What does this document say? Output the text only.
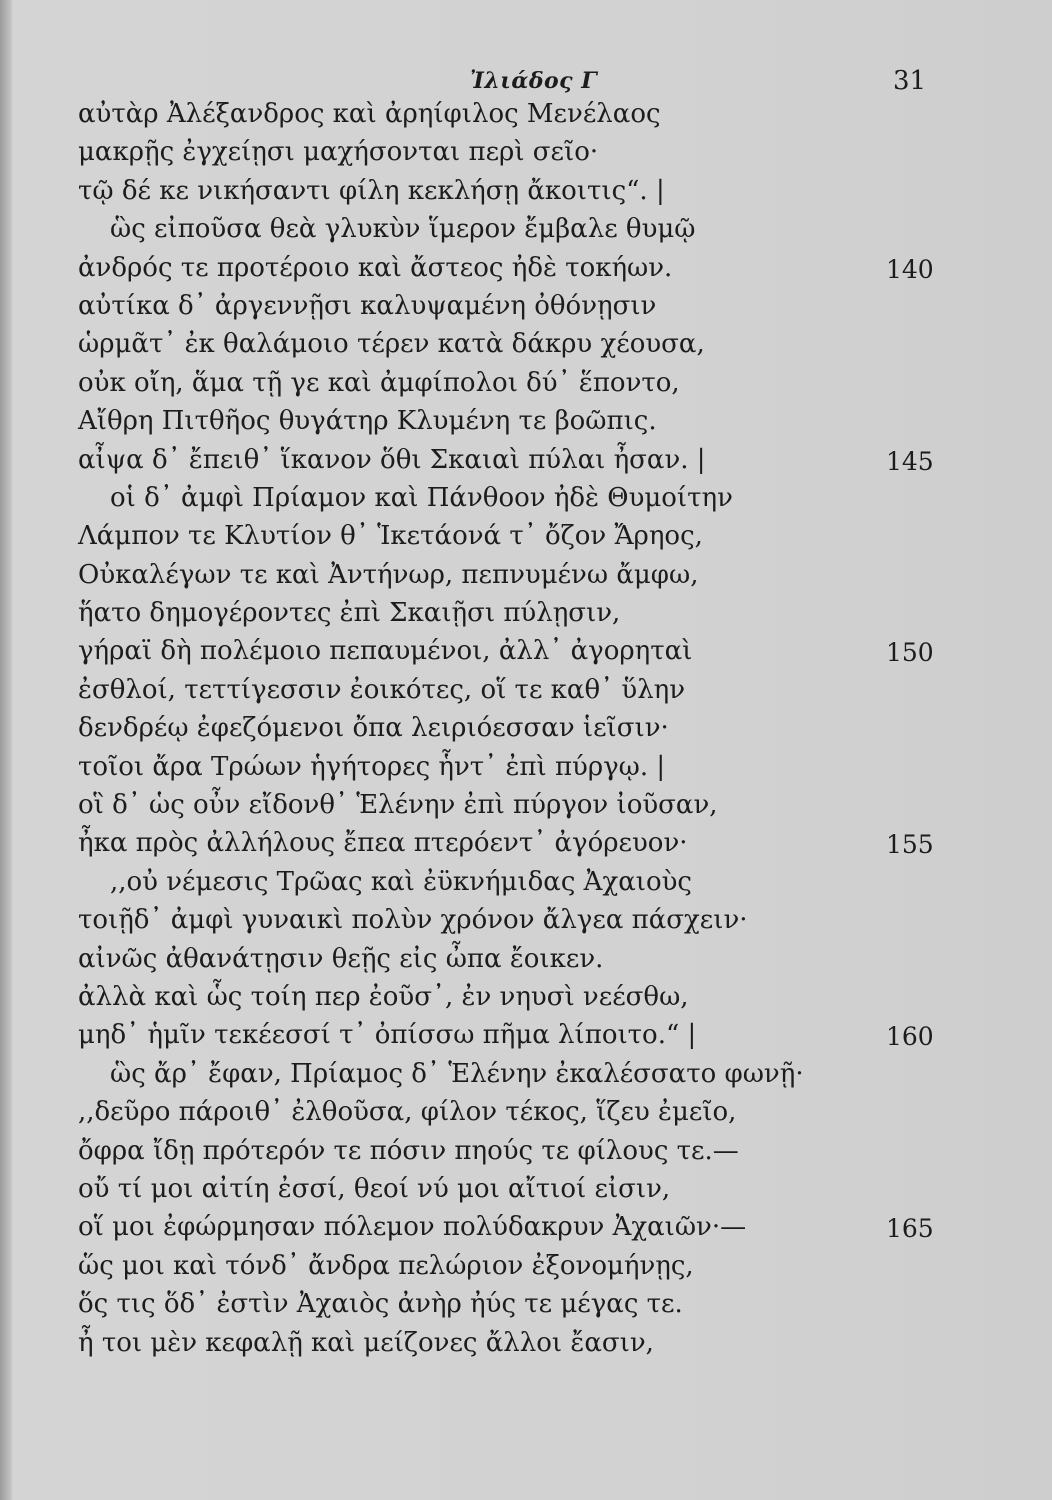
Ἰλιάδος Γ	31
αὐτὰρ Ἀλέξανδρος καὶ ἀρηίφιλος Μενέλαος
μακρῇς ἐγχείῃσι μαχήσονται περὶ σεῖο·
τῷ δέ κε νικήσαντι φίλη κεκλήσῃ ἄκοιτις“. |
ὣς εἰποῦσα θεὰ γλυκὺν ἵμερον ἔμβαλε θυμῷ
ἀνδρός τε προτέροιο καὶ ἄστεος ἠδὲ τοκήων.	140
αὐτίκα δ᾽ ἀργεννῇσι καλυψαμένη ὀθόνῃσιν
ὡρμᾶτ᾽ ἐκ θαλάμοιο τέρεν κατὰ δάκρυ χέουσα,
οὐκ οἴη, ἅμα τῇ γε καὶ ἀμφίπολοι δύ᾽ ἕποντο,
Αἴθρη Πιτθῆος θυγάτηρ Κλυμένη τε βοῶπις.
αἶψα δ᾽ ἔπειθ᾽ ἵκανον ὅθι Σκαιαὶ πύλαι ἦσαν. |	145
οἱ δ᾽ ἀμφὶ Πρίαμον καὶ Πάνθοον ἠδὲ Θυμοίτην
Λάμπον τε Κλυτίον θ᾽ Ἱκετάονά τ᾽ ὄζον Ἄρηος,
Οὐκαλέγων τε καὶ Ἀντήνωρ, πεπνυμένω ἄμφω,
ἥατο δημογέροντες ἐπὶ Σκαιῇσι πύλῃσιν,
γήραϊ δὴ πολέμοιο πεπαυμένοι, ἀλλ᾽ ἀγορηταὶ	150
ἐσθλοί, τεττίγεσσιν ἐοικότες, οἵ τε καθ᾽ ὕλην
δενδρέῳ ἐφεζόμενοι ὄπα λειριόεσσαν ἱεῖσιν·
τοῖοι ἄρα Τρώων ἡγήτορες ἧντ᾽ ἐπὶ πύργῳ. |
οἳ δ᾽ ὡς οὖν εἴδονθ᾽ Ἑλένην ἐπὶ πύργον ἰοῦσαν,
ἦκα πρὸς ἀλλήλους ἔπεα πτερόεντ᾽ ἀγόρευον·	155
,,οὐ νέμεσις Τρῶας καὶ ἐϋκνήμιδας Ἀχαιοὺς
τοιῇδ᾽ ἀμφὶ γυναικὶ πολὺν χρόνον ἄλγεα πάσχειν·
αἰνῶς ἀθανάτῃσιν θεῇς εἰς ὦπα ἔοικεν.
ἀλλὰ καὶ ὧς τοίη περ ἐοῦσ᾽, ἐν νηυσὶ νεέσθω,
μηδ᾽ ἡμῖν τεκέεσσί τ᾽ ὀπίσσω πῆμα λίποιτο.“ |	160
ὣς ἄρ᾽ ἔφαν, Πρίαμος δ᾽ Ἑλένην ἐκαλέσσατο φωνῇ·
,,δεῦρο πάροιθ᾽ ἐλθοῦσα, φίλον τέκος, ἵζευ ἐμεῖο,
ὄφρα ἴδῃ πρότερόν τε πόσιν πηούς τε φίλους τε.—
οὔ τί μοι αἰτίη ἐσσί, θεοί νύ μοι αἴτιοί εἰσιν,
οἵ μοι ἐφώρμησαν πόλεμον πολύδακρυν Ἀχαιῶν·—	165
ὥς μοι καὶ τόνδ᾽ ἄνδρα πελώριον ἐξονομήνῃς,
ὅς τις ὅδ᾽ ἐστὶν Ἀχαιὸς ἀνὴρ ἠύς τε μέγας τε.
ἦ τοι μὲν κεφαλῇ καὶ μείζονες ἄλλοι ἔασιν,
